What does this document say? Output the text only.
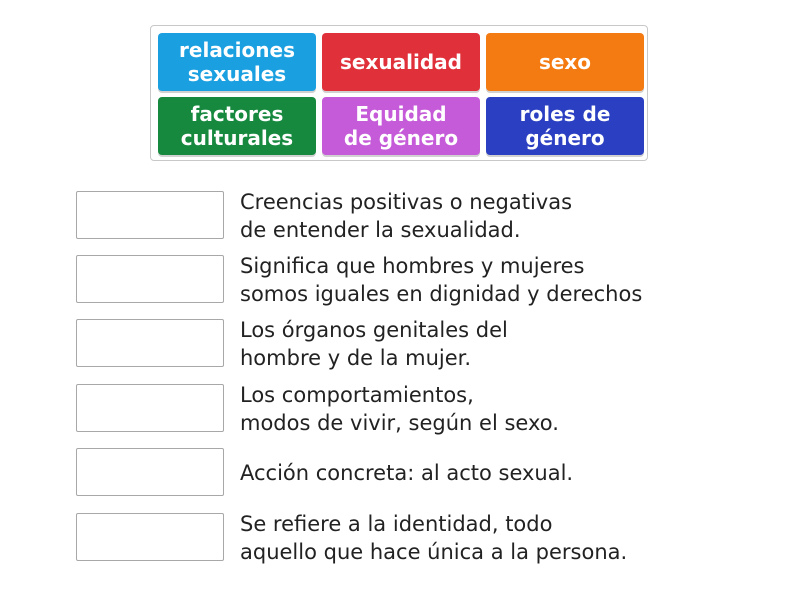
relaciones
sexuales	sexualidad	sexo
factores
culturales
Equidad
de género
roles de
género
Creencias positivas o negativas
de entender la sexualidad.
Significa que hombres y mujeres
somos iguales en dignidad y derechos
Los órganos genitales del
hombre y de la mujer.
Los comportamientos,
modos de vivir, según el sexo.
Acción concreta: al acto sexual.
Se refiere a la identidad, todo
aquello que hace única a la persona.
